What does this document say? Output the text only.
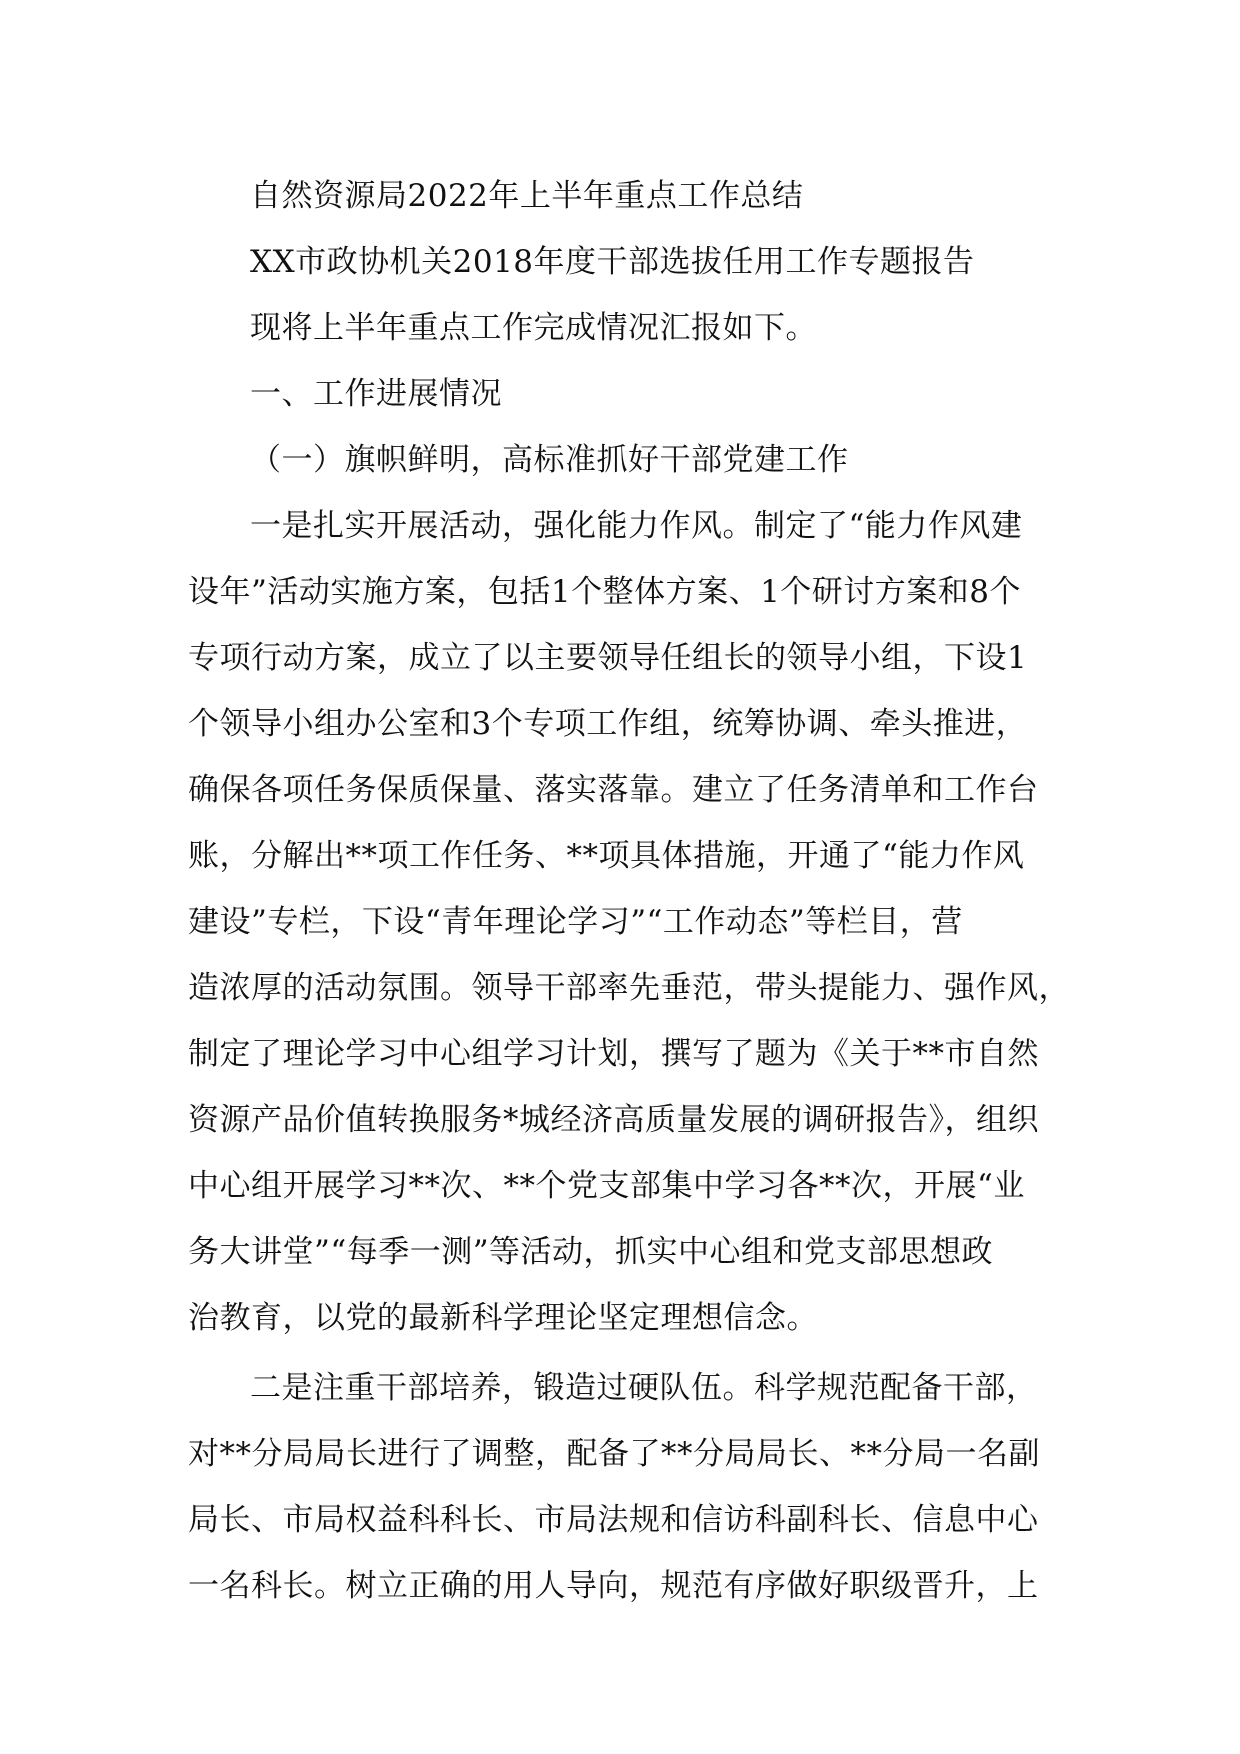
自然资源局2022年上半年重点工作总结
XX市政协机关2018年度干部选拔任用工作专题报告
现将上半年重点工作完成情况汇报如下。
一、工作进展情况
（一）旗帜鲜明，高标准抓好干部党建工作
一是扎实开展活动，强化能力作风。制定了“能力作风建
设年”活动实施方案，包括1个整体方案、1个研讨方案和8个
专项行动方案，成立了以主要领导任组长的领导小组，下设1
个领导小组办公室和3个专项工作组，统筹协调、牵头推进，
确保各项任务保质保量、落实落靠。建立了任务清单和工作台
账，分解出**项工作任务、**项具体措施，开通了“能力作风
建设”专栏，下设“青年理论学习”“工作动态”等栏目，营
造浓厚的活动氛围。领导干部率先垂范，带头提能力、强作风，
制定了理论学习中心组学习计划，撰写了题为《关于**市自然
资源产品价值转换服务*城经济高质量发展的调研报告》，组织
中心组开展学习**次、**个党支部集中学习各**次，开展“业
务大讲堂”“每季一测”等活动，抓实中心组和党支部思想政
治教育，以党的最新科学理论坚定理想信念。
二是注重干部培养，锻造过硬队伍。科学规范配备干部，
对**分局局长进行了调整，配备了**分局局长、**分局一名副
局长、市局权益科科长、市局法规和信访科副科长、信息中心
一名科长。树立正确的用人导向，规范有序做好职级晋升，上
